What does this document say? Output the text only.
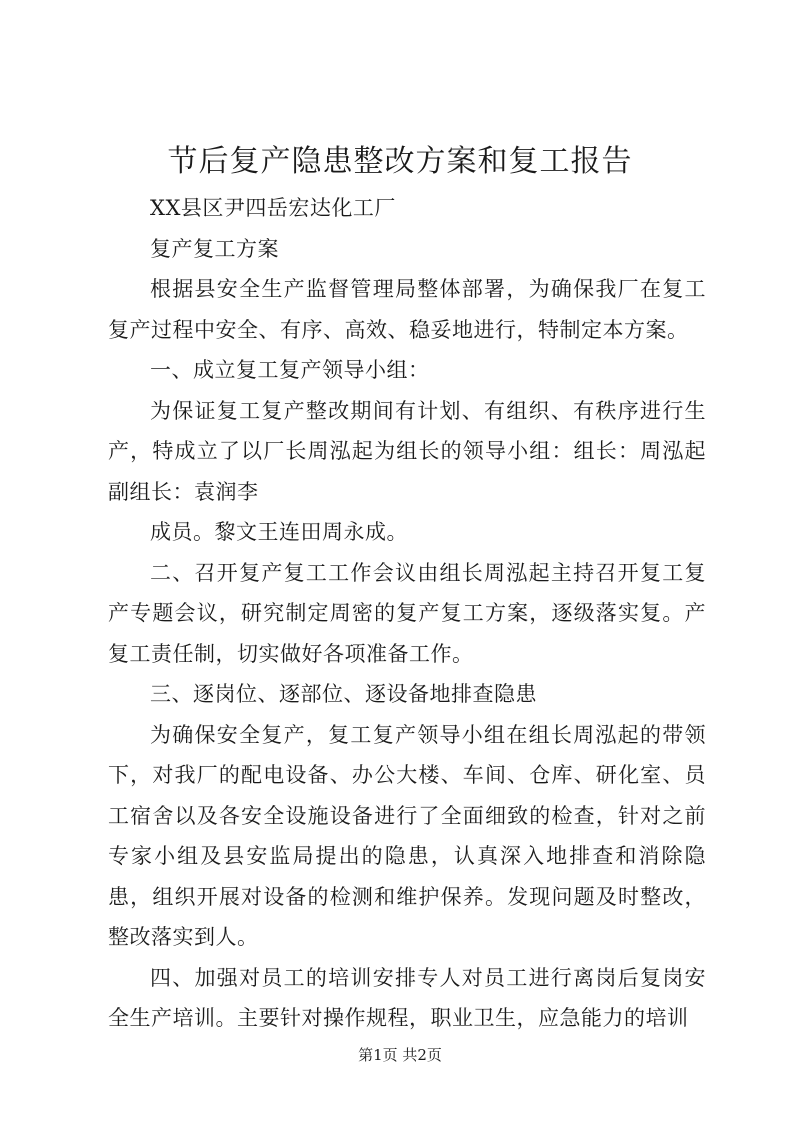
节后复产隐患整改方案和复工报告

XX县区尹四岳宏达化工厂

复产复工方案

根据县安全生产监督管理局整体部署，为确保我厂在复工复产过程中安全、有序、高效、稳妥地进行，特制定本方案。

一、成立复工复产领导小组：

为保证复工复产整改期间有计划、有组织、有秩序进行生产，特成立了以厂长周泓起为组长的领导小组：组长：周泓起副组长：袁润李

成员。黎文王连田周永成。

二、召开复产复工工作会议由组长周泓起主持召开复工复产专题会议，研究制定周密的复产复工方案，逐级落实复。产复工责任制，切实做好各项准备工作。

三、逐岗位、逐部位、逐设备地排查隐患

为确保安全复产，复工复产领导小组在组长周泓起的带领下，对我厂的配电设备、办公大楼、车间、仓库、研化室、员工宿舍以及各安全设施设备进行了全面细致的检查，针对之前专家小组及县安监局提出的隐患，认真深入地排查和消除隐患，组织开展对设备的检测和维护保养。发现问题及时整改，整改落实到人。

四、加强对员工的培训安排专人对员工进行离岗后复岗安全生产培训。主要针对操作规程，职业卫生，应急能力的培训

第1页 共2页
